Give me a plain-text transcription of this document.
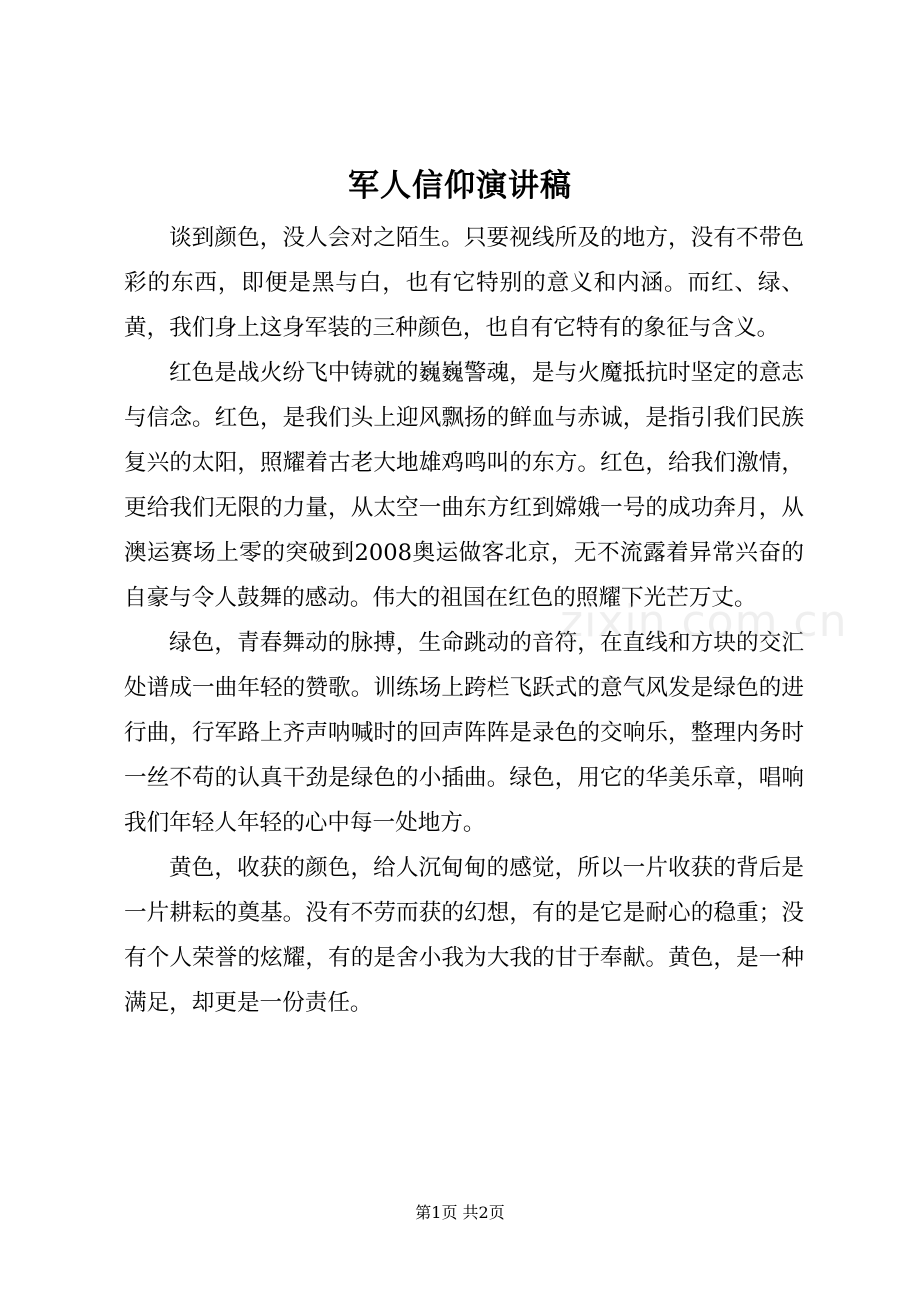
军人信仰演讲稿

谈到颜色，没人会对之陌生。只要视线所及的地方，没有不带色彩的东西，即便是黑与白，也有它特别的意义和内涵。而红、绿、黄，我们身上这身军装的三种颜色，也自有它特有的象征与含义。

红色是战火纷飞中铸就的巍巍警魂，是与火魔抵抗时坚定的意志与信念。红色，是我们头上迎风飘扬的鲜血与赤诚，是指引我们民族复兴的太阳，照耀着古老大地雄鸡鸣叫的东方。红色，给我们激情，更给我们无限的力量，从太空一曲东方红到嫦娥一号的成功奔月，从澳运赛场上零的突破到2008奥运做客北京，无不流露着异常兴奋的自豪与令人鼓舞的感动。伟大的祖国在红色的照耀下光芒万丈。

绿色，青春舞动的脉搏，生命跳动的音符，在直线和方块的交汇处谱成一曲年轻的赞歌。训练场上跨栏飞跃式的意气风发是绿色的进行曲，行军路上齐声呐喊时的回声阵阵是录色的交响乐，整理内务时一丝不苟的认真干劲是绿色的小插曲。绿色，用它的华美乐章，唱响我们年轻人年轻的心中每一处地方。

黄色，收获的颜色，给人沉甸甸的感觉，所以一片收获的背后是一片耕耘的奠基。没有不劳而获的幻想，有的是它是耐心的稳重；没有个人荣誉的炫耀，有的是舍小我为大我的甘于奉献。黄色，是一种满足，却更是一份责任。

zixin.com.cn
第1页 共2页
